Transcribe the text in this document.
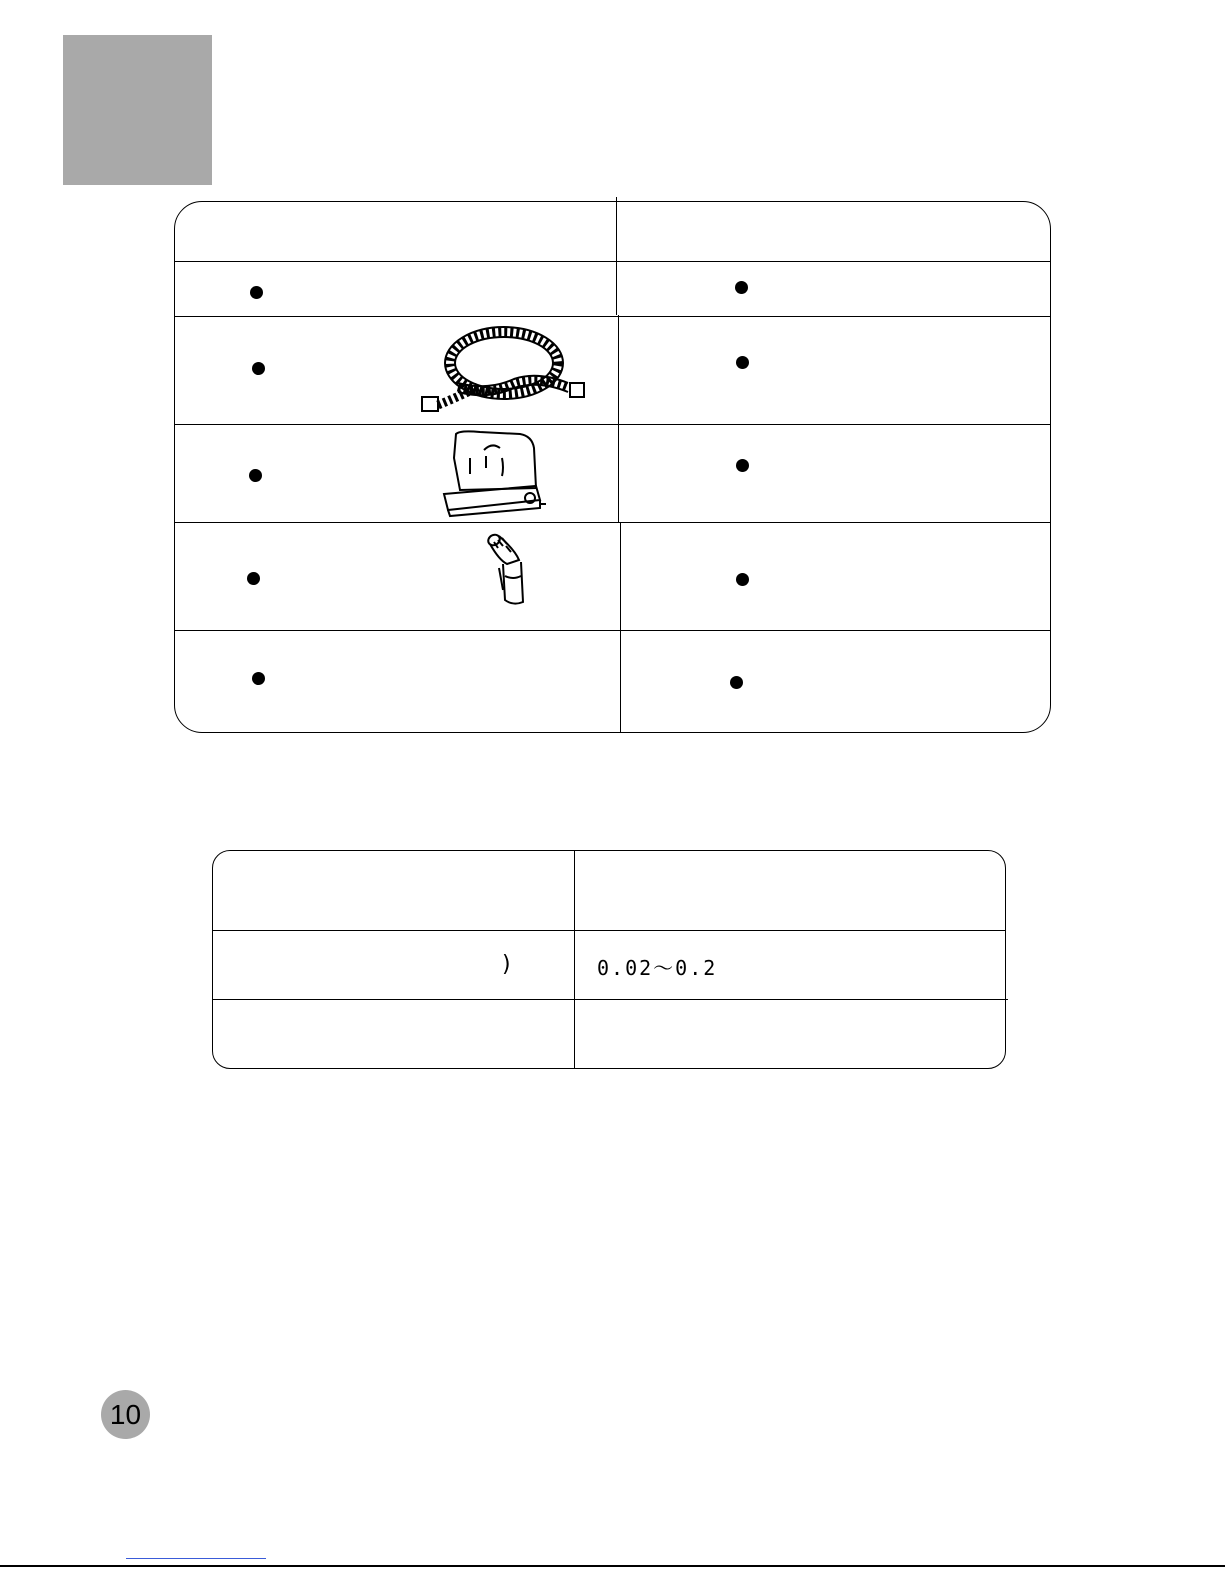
)	0.02～0.2
10
